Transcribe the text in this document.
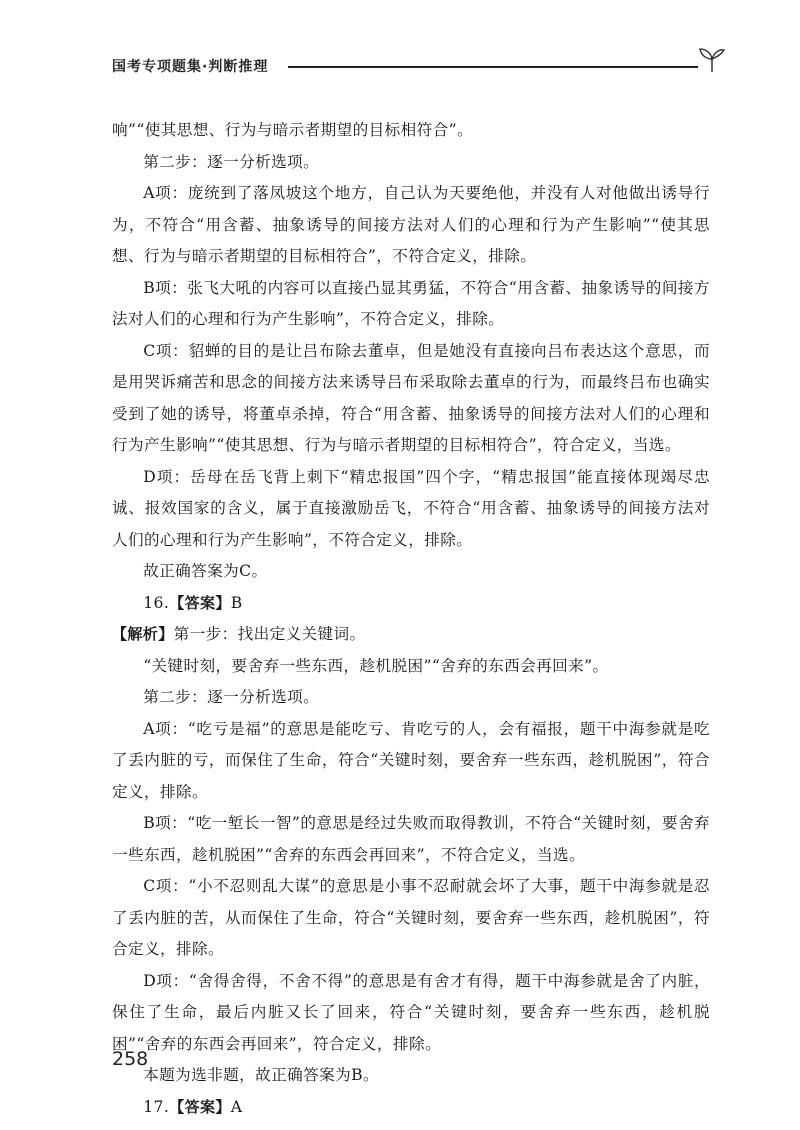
国考专项题集·判断推理

响”“使其思想、行为与暗示者期望的目标相符合”。

第二步：逐一分析选项。

A项：庞统到了落凤坡这个地方，自己认为天要绝他，并没有人对他做出诱导行为，不符合“用含蓄、抽象诱导的间接方法对人们的心理和行为产生影响”“使其思想、行为与暗示者期望的目标相符合”，不符合定义，排除。

B项：张飞大吼的内容可以直接凸显其勇猛，不符合“用含蓄、抽象诱导的间接方法对人们的心理和行为产生影响”，不符合定义，排除。

C项：貂蝉的目的是让吕布除去董卓，但是她没有直接向吕布表达这个意思，而是用哭诉痛苦和思念的间接方法来诱导吕布采取除去董卓的行为，而最终吕布也确实受到了她的诱导，将董卓杀掉，符合“用含蓄、抽象诱导的间接方法对人们的心理和行为产生影响”“使其思想、行为与暗示者期望的目标相符合”，符合定义，当选。

D项：岳母在岳飞背上刺下“精忠报国”四个字，“精忠报国”能直接体现竭尽忠诚、报效国家的含义，属于直接激励岳飞，不符合“用含蓄、抽象诱导的间接方法对人们的心理和行为产生影响”，不符合定义，排除。

故正确答案为C。

16.【答案】B

【解析】第一步：找出定义关键词。

“关键时刻，要舍弃一些东西，趁机脱困”“舍弃的东西会再回来”。

第二步：逐一分析选项。

A项：“吃亏是福”的意思是能吃亏、肯吃亏的人，会有福报，题干中海参就是吃了丢内脏的亏，而保住了生命，符合“关键时刻，要舍弃一些东西，趁机脱困”，符合定义，排除。

B项：“吃一堑长一智”的意思是经过失败而取得教训，不符合“关键时刻，要舍弃一些东西，趁机脱困”“舍弃的东西会再回来”，不符合定义，当选。

C项：“小不忍则乱大谋”的意思是小事不忍耐就会坏了大事，题干中海参就是忍了丢内脏的苦，从而保住了生命，符合“关键时刻，要舍弃一些东西，趁机脱困”，符合定义，排除。

D项：“舍得舍得，不舍不得”的意思是有舍才有得，题干中海参就是舍了内脏，保住了生命，最后内脏又长了回来，符合“关键时刻，要舍弃一些东西，趁机脱困”“舍弃的东西会再回来”，符合定义，排除。

本题为选非题，故正确答案为B。

17.【答案】A

258
